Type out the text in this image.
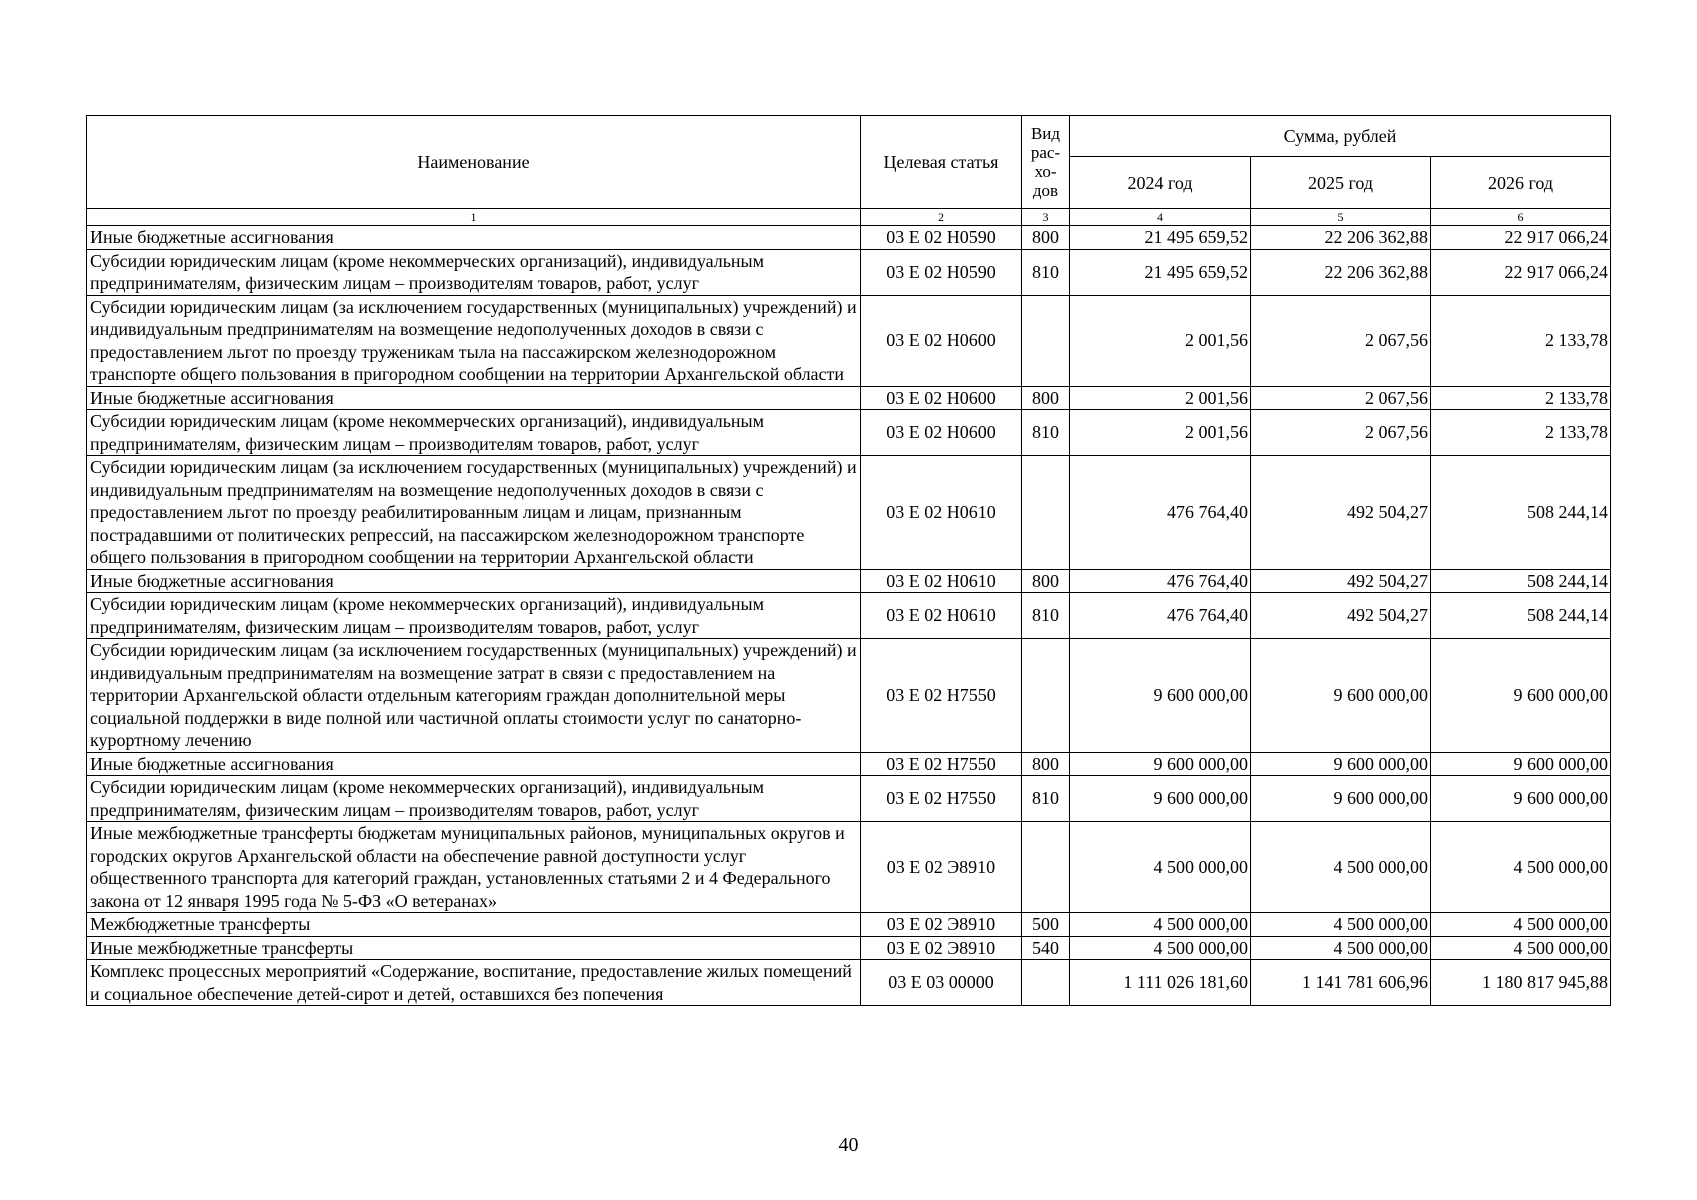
Наименование	Целевая статья	Вид рас-хо-дов	Сумма, рублей		
			2024 год	2025 год	2026 год
1	2	3	4	5	6
Иные бюджетные ассигнования	03 Е 02 Н0590	800	21 495 659,52	22 206 362,88	22 917 066,24
Субсидии юридическим лицам (кроме некоммерческих организаций), индивидуальным предпринимателям, физическим лицам – производителям товаров, работ, услуг	03 Е 02 Н0590	810	21 495 659,52	22 206 362,88	22 917 066,24
Субсидии юридическим лицам (за исключением государственных (муниципальных) учреждений) и индивидуальным предпринимателям на возмещение недополученных доходов в связи с предоставлением льгот по проезду труженикам тыла на пассажирском железнодорожном транспорте общего пользования в пригородном сообщении на территории Архангельской области	03 Е 02 Н0600		2 001,56	2 067,56	2 133,78
Иные бюджетные ассигнования	03 Е 02 Н0600	800	2 001,56	2 067,56	2 133,78
Субсидии юридическим лицам (кроме некоммерческих организаций), индивидуальным предпринимателям, физическим лицам – производителям товаров, работ, услуг	03 Е 02 Н0600	810	2 001,56	2 067,56	2 133,78
Субсидии юридическим лицам (за исключением государственных (муниципальных) учреждений) и индивидуальным предпринимателям на возмещение недополученных доходов в связи с предоставлением льгот по проезду реабилитированным лицам и лицам, признанным пострадавшими от политических репрессий, на пассажирском железнодорожном транспорте общего пользования в пригородном сообщении на территории Архангельской области	03 Е 02 Н0610		476 764,40	492 504,27	508 244,14
Иные бюджетные ассигнования	03 Е 02 Н0610	800	476 764,40	492 504,27	508 244,14
Субсидии юридическим лицам (кроме некоммерческих организаций), индивидуальным предпринимателям, физическим лицам – производителям товаров, работ, услуг	03 Е 02 Н0610	810	476 764,40	492 504,27	508 244,14
Субсидии юридическим лицам (за исключением государственных (муниципальных) учреждений) и индивидуальным предпринимателям на возмещение затрат в связи с предоставлением на территории Архангельской области отдельным категориям граждан дополнительной меры социальной поддержки в виде полной или частичной оплаты стоимости услуг по санаторно-курортному лечению	03 Е 02 Н7550		9 600 000,00	9 600 000,00	9 600 000,00
Иные бюджетные ассигнования	03 Е 02 Н7550	800	9 600 000,00	9 600 000,00	9 600 000,00
Субсидии юридическим лицам (кроме некоммерческих организаций), индивидуальным предпринимателям, физическим лицам – производителям товаров, работ, услуг	03 Е 02 Н7550	810	9 600 000,00	9 600 000,00	9 600 000,00
Иные межбюджетные трансферты бюджетам муниципальных районов, муниципальных округов и городских округов Архангельской области на обеспечение равной доступности услуг общественного транспорта для категорий граждан, установленных статьями 2 и 4 Федерального закона от 12 января 1995 года № 5-ФЗ «О ветеранах»	03 Е 02 Э8910		4 500 000,00	4 500 000,00	4 500 000,00
Межбюджетные трансферты	03 Е 02 Э8910	500	4 500 000,00	4 500 000,00	4 500 000,00
Иные межбюджетные трансферты	03 Е 02 Э8910	540	4 500 000,00	4 500 000,00	4 500 000,00
Комплекс процессных мероприятий «Содержание, воспитание, предоставление жилых помещений и социальное обеспечение детей-сирот и детей, оставшихся без попечения	03 Е 03 00000		1 111 026 181,60	1 141 781 606,96	1 180 817 945,88
40
